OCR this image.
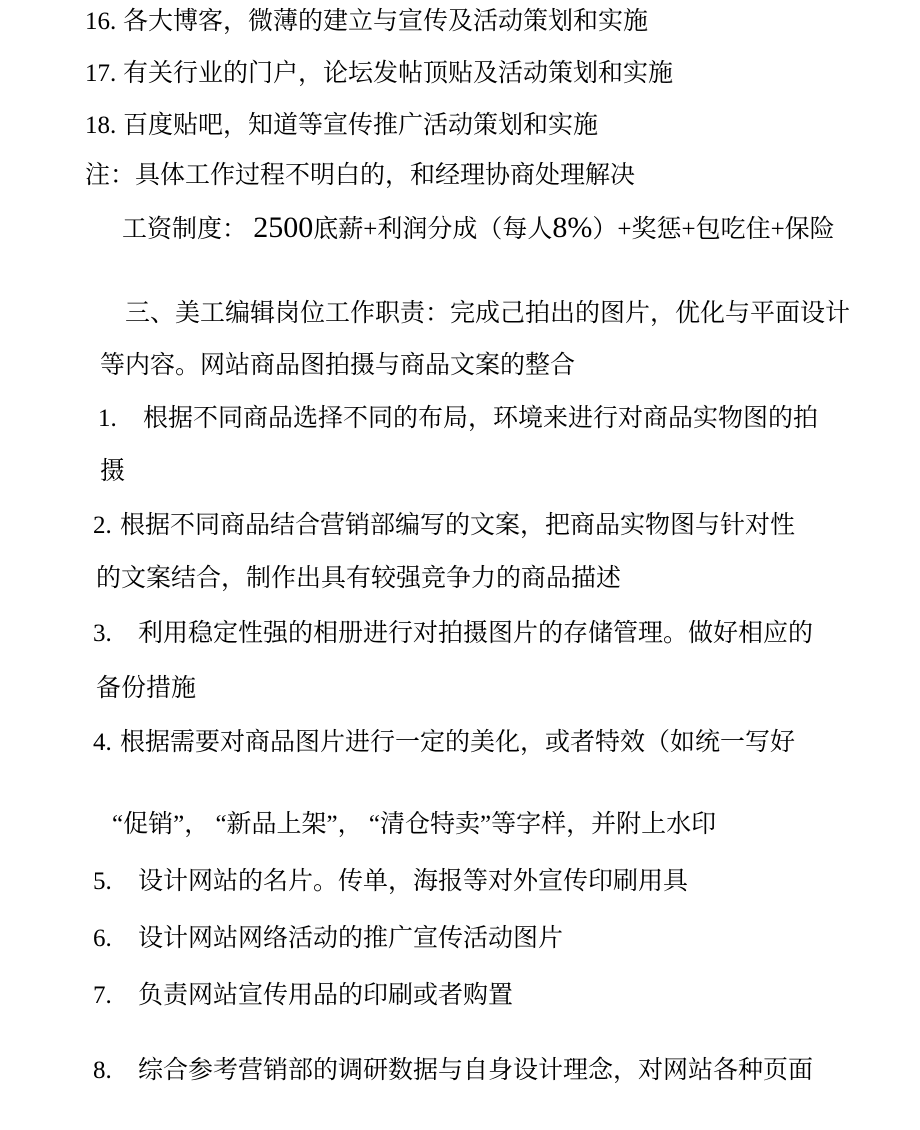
16. 各大博客，微薄的建立与宣传及活动策划和实施
17. 有关行业的门户，论坛发帖顶贴及活动策划和实施
18. 百度贴吧，知道等宣传推广活动策划和实施
注：具体工作过程不明白的，和经理协商处理解决
工资制度： 2500底薪+利润分成（每人8%）+奖惩+包吃住+保险
三、美工编辑岗位工作职责：完成己拍出的图片，优化与平面设计
等内容。网站商品图拍摄与商品文案的整合
1. 根据不同商品选择不同的布局，环境来进行对商品实物图的拍
摄
2. 根据不同商品结合营销部编写的文案，把商品实物图与针对性
的文案结合，制作出具有较强竞争力的商品描述
3. 利用稳定性强的相册进行对拍摄图片的存储管理。做好相应的
备份措施
4. 根据需要对商品图片进行一定的美化，或者特效（如统一写好
“促销”， “新品上架”， “清仓特卖”等字样，并附上水印
5. 设计网站的名片。传单，海报等对外宣传印刷用具
6. 设计网站网络活动的推广宣传活动图片
7. 负责网站宣传用品的印刷或者购置
8. 综合参考营销部的调研数据与自身设计理念，对网站各种页面
